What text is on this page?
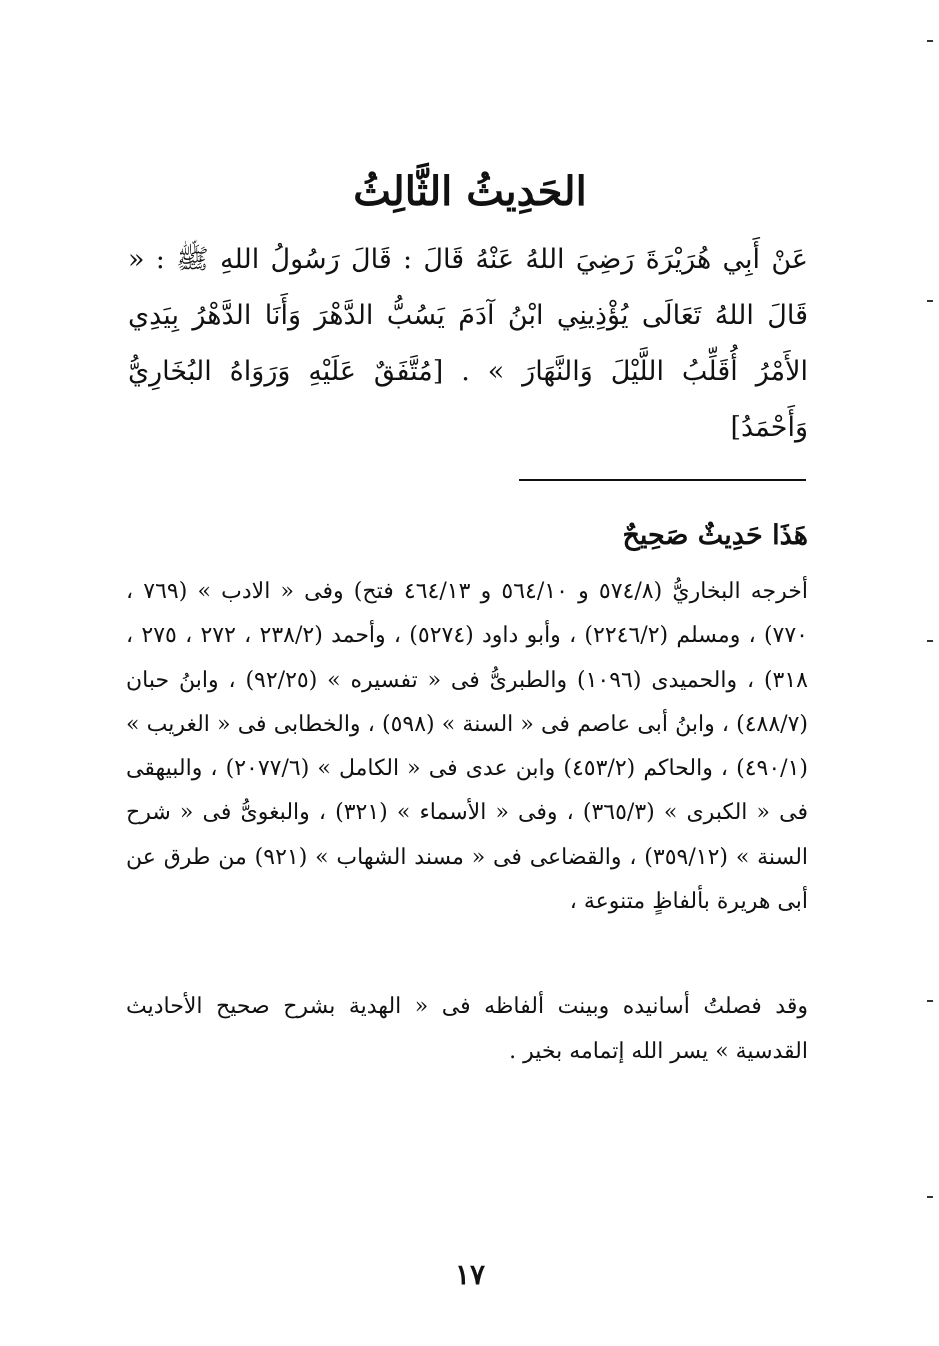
الحَدِيثُ الثَّالِثُ

عَنْ أَبِي هُرَيْرَةَ رَضِيَ اللهُ عَنْهُ قَالَ : قَالَ رَسُولُ اللهِ ﷺ : « قَالَ اللهُ تَعَالَى يُؤْذِينِي ابْنُ آدَمَ يَسُبُّ الدَّهْرَ وَأَنَا الدَّهْرُ بِيَدِي الأَمْرُ أُقَلِّبُ اللَّيْلَ وَالنَّهَارَ » . [مُتَّفَقٌ عَلَيْهِ وَرَوَاهُ البُخَارِيُّ وَأَحْمَدُ]

هَذَا حَدِيثٌ صَحِيحٌ

أخرجه البخاريُّ (٥٧٤/٨ و ٥٦٤/١٠ و ٤٦٤/١٣ فتح) وفى « الادب » (٧٦٩ ، ٧٧٠) ، ومسلم (٢٢٤٦/٢) ، وأبو داود (٥٢٧٤) ، وأحمد (٢٣٨/٢ ، ٢٧٢ ، ٢٧٥ ، ٣١٨) ، والحميدى (١٠٩٦) والطبرىُّ فى « تفسيره » (٩٢/٢٥) ، وابنُ حبان (٤٨٨/٧) ، وابنُ أبى عاصم فى « السنة » (٥٩٨) ، والخطابى فى « الغريب » (٤٩٠/١) ، والحاكم (٤٥٣/٢) وابن عدى فى « الكامل » (٢٠٧٧/٦) ، والبيهقى فى « الكبرى » (٣٦٥/٣) ، وفى « الأسماء » (٣٢١) ، والبغوىُّ فى « شرح السنة » (٣٥٩/١٢) ، والقضاعى فى « مسند الشهاب » (٩٢١) من طرق عن أبى هريرة بألفاظٍ متنوعة ،

وقد فصلتُ أسانيده وبينت ألفاظه فى « الهدية بشرح صحيح الأحاديث القدسية » يسر الله إتمامه بخير .

١٧
